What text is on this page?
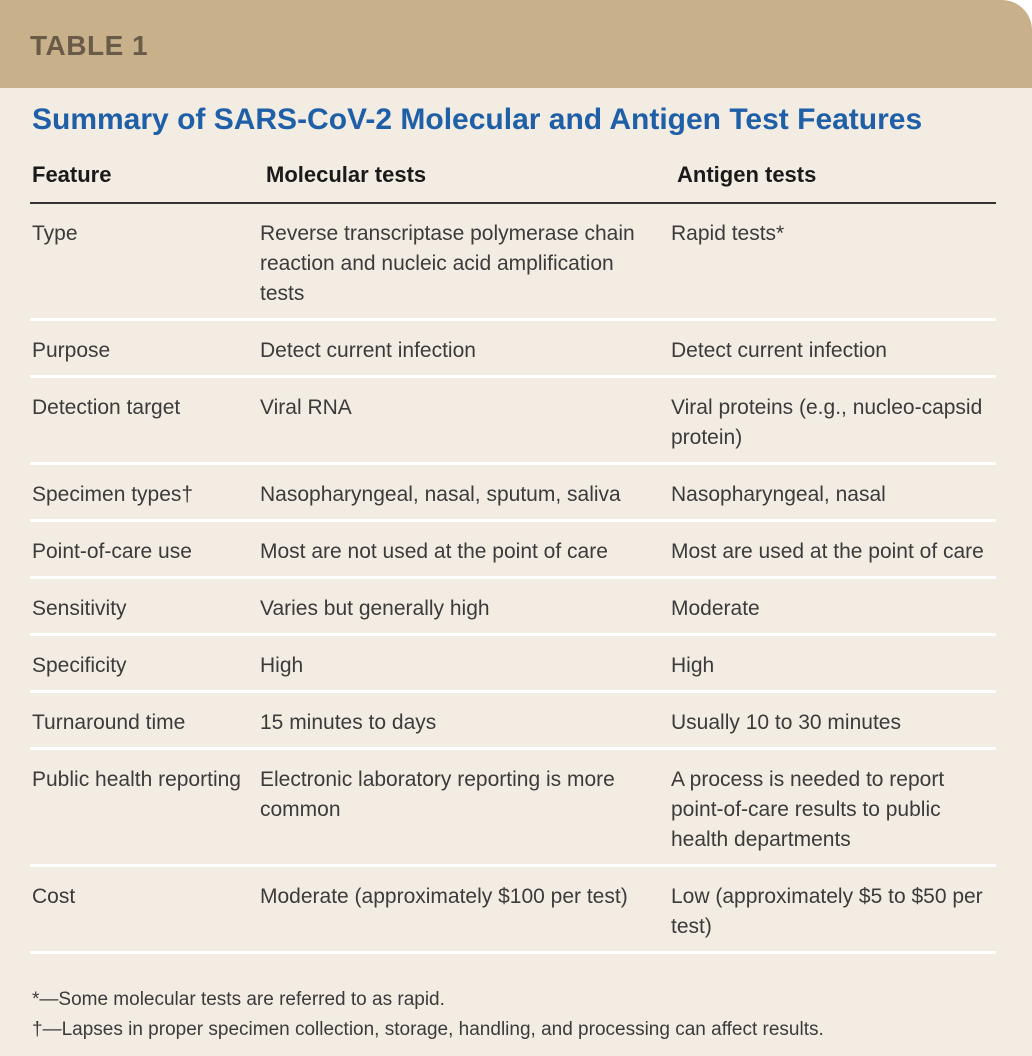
TABLE 1
Summary of SARS-CoV-2 Molecular and Antigen Test Features
Feature	Molecular tests	Antigen tests
Type	Reverse transcriptase polymerase chain reaction and nucleic acid amplification tests	Rapid tests*
Purpose	Detect current infection	Detect current infection
Detection target	Viral RNA	Viral proteins (e.g., nucleo-capsid protein)
Specimen types†	Nasopharyngeal, nasal, sputum, saliva	Nasopharyngeal, nasal
Point-of-care use	Most are not used at the point of care	Most are used at the point of care
Sensitivity	Varies but generally high	Moderate
Specificity	High	High
Turnaround time	15 minutes to days	Usually 10 to 30 minutes
Public health reporting	Electronic laboratory reporting is more common	A process is needed to report point-of-care results to public health departments
Cost	Moderate (approximately $100 per test)	Low (approximately $5 to $50 per test)
*—Some molecular tests are referred to as rapid.
†—Lapses in proper specimen collection, storage, handling, and processing can affect results.
